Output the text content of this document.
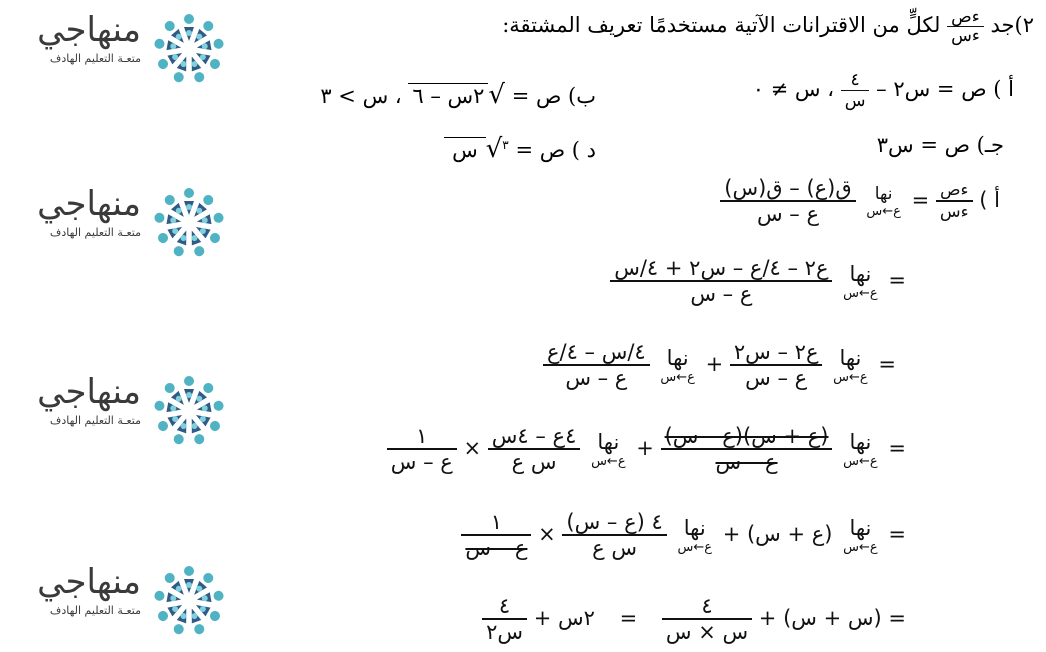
منهاجي
متعـة التعليم الهادف
منهاجي
متعـة التعليم الهادف
منهاجي
متعـة التعليم الهادف
منهاجي
متعـة التعليم الهادف
٢)جد
$\frac{\text{ءص}}{\text{ءس}}$
لكلٍّ من الاقترانات الآتية مستخدمًا تعريف المشتقة:
أ ) ص = س٢ –
$\frac{٤}{\text{س}}$
، س ≠ ٠
ب) ص = √٢س – ٦ ، س > ٣
جـ) ص = س٣
د ) ص = $^٣$√س
أ )
$\frac{\text{ءص}}{\text{ءس}}$
=
نها
ع←س

$\frac{\text{ق(ع) – ق(س)}}{\text{ع – س}}$
=
نها
ع←س

$\frac{\text{ع٢ – ٤/ع – س٢ + ٤/س}}{\text{ع – س}}$
=
نها
ع←س

$\frac{\text{ع٢ – س٢}}{\text{ع – س}}$
+
نها
ع←س

$\frac{\text{٤/س – ٤/ع}}{\text{ع – س}}$
=
نها
ع←س

$\frac{\text{(ع + س)(ع – س)}}{\text{ع – س}}$
+
نها
ع←س

$\frac{\text{٤ع – ٤س}}{\text{س ع}}$
×
$\frac{١}{\text{ع – س}}$
=
نها
ع←س
(ع + س) +
نها
ع←س

$\frac{\text{٤ (ع – س)}}{\text{س ع}}$
×
$\frac{١}{\text{ع – س}}$
= (س + س) +
$\frac{٤}{\text{س × س}}$
= ٢س +
$\frac{٤}{\text{س٢}}$
